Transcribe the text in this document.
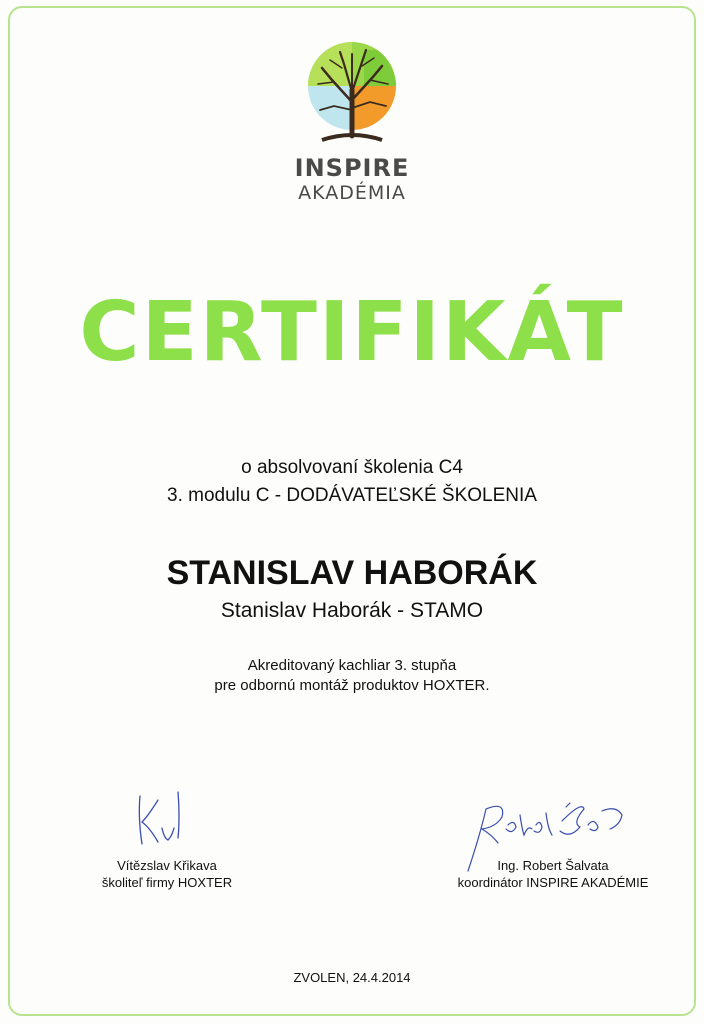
INSPIRE
AKADÉMIA
CERTIFIKÁT
o absolvovaní školenia C4
3. modulu C - DODÁVATEĽSKÉ ŠKOLENIA
STANISLAV HABORÁK
Stanislav Haborák - STAMO
Akreditovaný kachliar 3. stupňa
pre odbornú montáž produktov HOXTER.
Vítězslav Křikava
školiteľ firmy HOXTER
Ing. Robert Šalvata
koordinátor INSPIRE AKADÉMIE
ZVOLEN, 24.4.2014
